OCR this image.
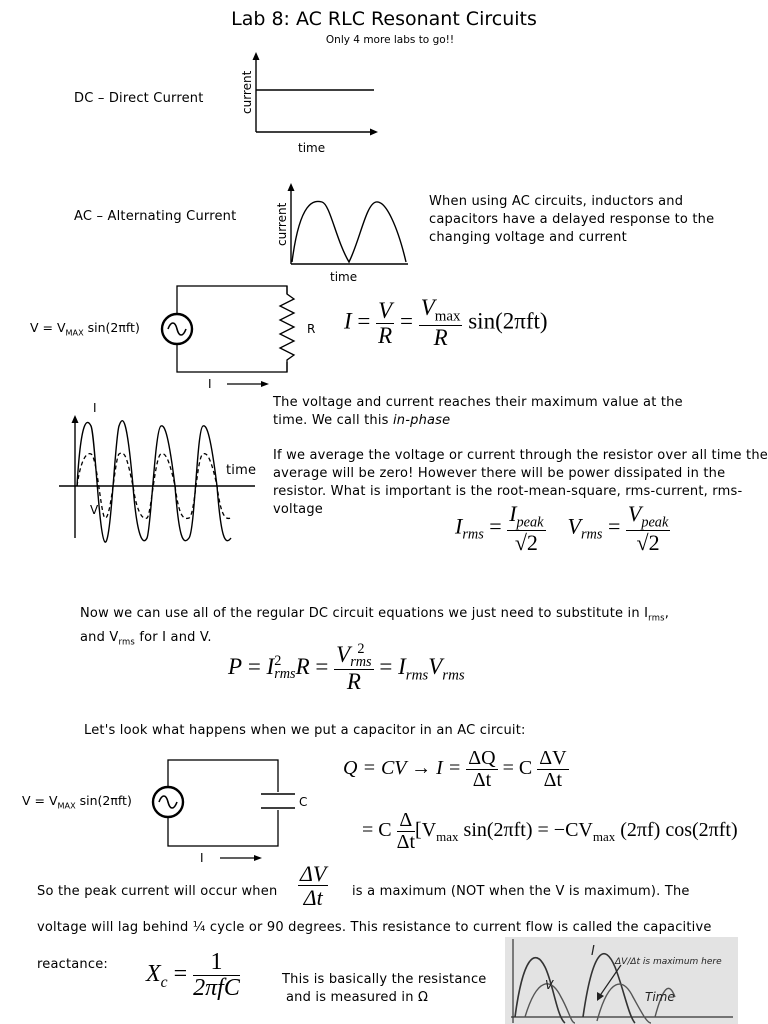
Lab 8: AC RLC Resonant Circuits
Only 4 more labs to go!!
DC – Direct Current	current
time
AC – Alternating Current	current
time
When using AC circuits, inductors and capacitors have a delayed response to the changing voltage and current
$V = V_{MAX}$ sin(2πft)	R
I
$I = \frac{V}{R} = \frac{V_{max}}{R} \sin(2\pi ft)$
I
V
time
The voltage and current reaches their maximum value at the time. We call this in-phase
If we average the voltage or current through the resistor over all time the average will be zero! However there will be power dissipated in the resistor. What is important is the root-mean-square, rms-current, rms-voltage
$I_{rms} = \frac{I_{peak}}{√2} V_{rms} = \frac{V_{peak}}{√2}$
Now we can use all of the regular DC circuit equations we just need to substitute in $I_{rms}$,
and $V_{rms}$ for I and V.
P = I 2
rms R = V 2
rms
$R = I_{rms}V_{rms}$
Let's look what happens when we put a capacitor in an AC circuit:
$V = V_{MAX}$ sin(2πft)	C
I
Q = CV → $I = \frac{\Delta Q}{\Delta t} = C \frac{\Delta V}{\Delta t}$
= C $\frac{\Delta}{\Delta t} [V_{max}$ $\sin(2\pi ft) = -CV_{max}$ (2πf) cos(2πft)
So the peak current will occur when $\frac{\Delta V}{\Delta t}$ is a maximum (NOT when the V is maximum). The
voltage will lag behind ¼ cycle or 90 degrees. This resistance to current flow is called the capacitive
reactance: $X_c = \frac{1}{\text{2πfC}}$	This is basically the resistance
and is measured in Ω
ΔV/Δt is maximum here
I
V
Time
